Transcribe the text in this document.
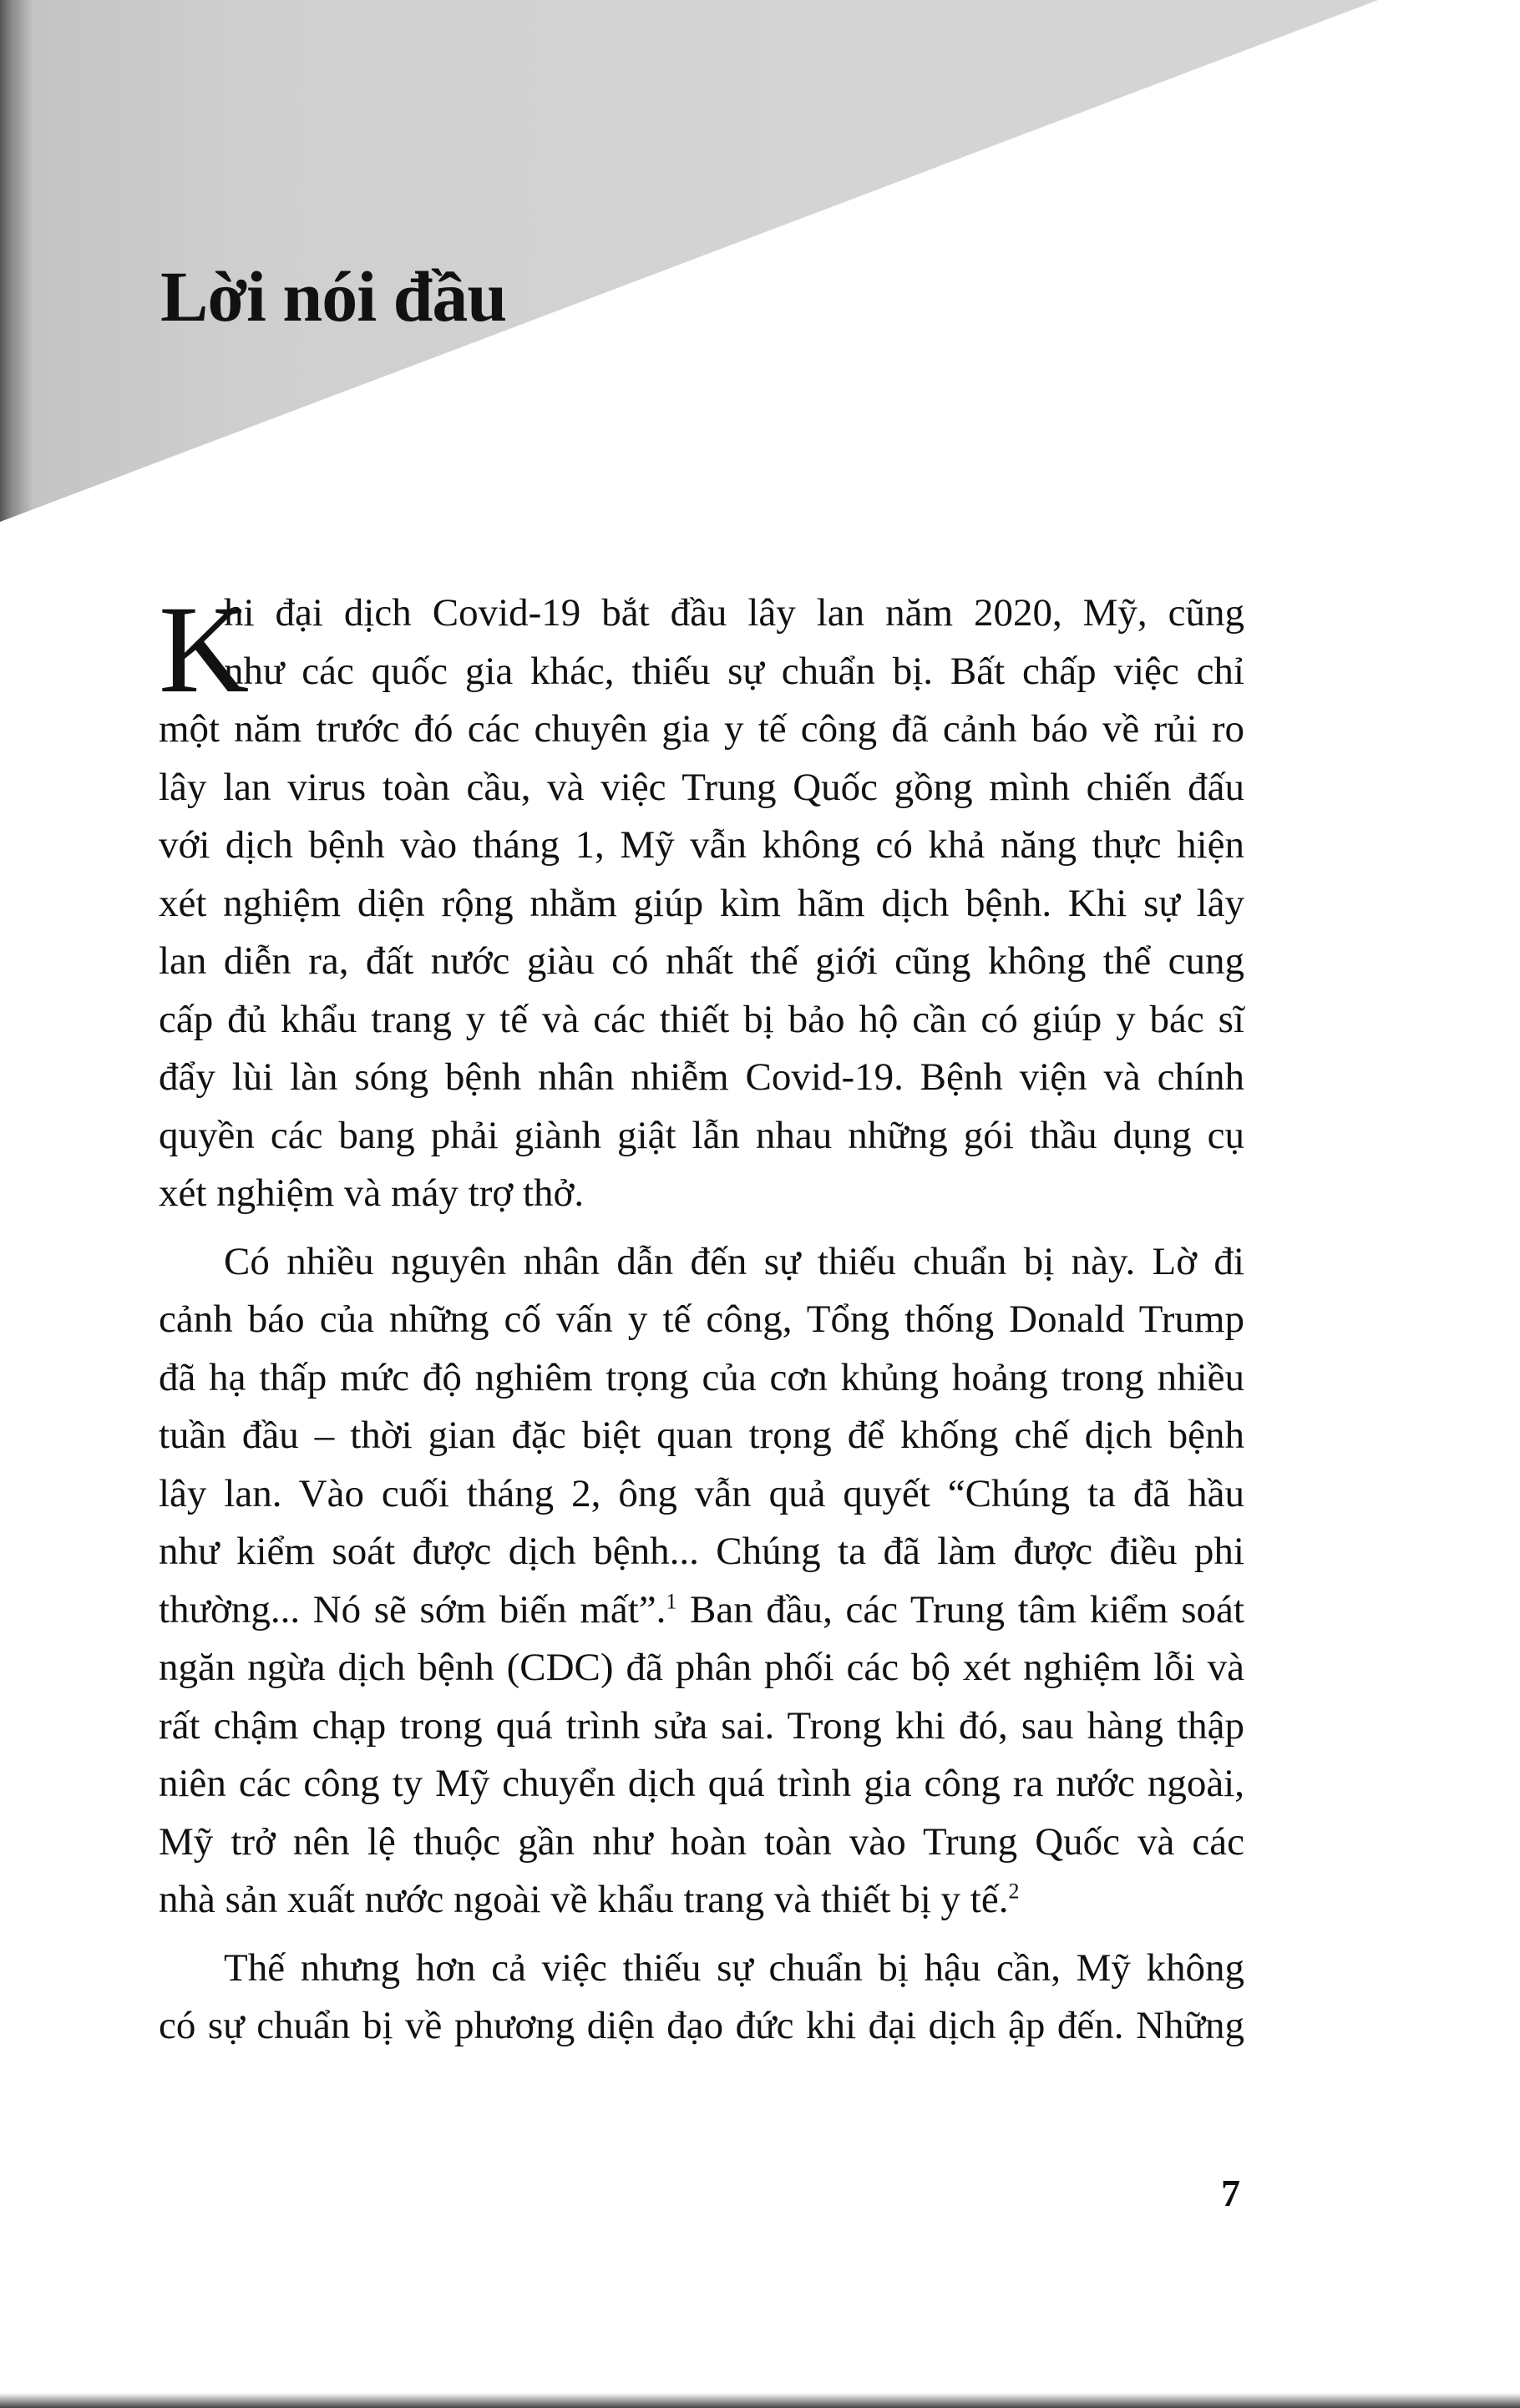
Lời nói đầu
K
hi đại dịch Covid-19 bắt đầu lây lan năm 2020, Mỹ, cũng
như các quốc gia khác, thiếu sự chuẩn bị. Bất chấp việc chỉ
một năm trước đó các chuyên gia y tế công đã cảnh báo về rủi ro
lây lan virus toàn cầu, và việc Trung Quốc gồng mình chiến đấu
với dịch bệnh vào tháng 1, Mỹ vẫn không có khả năng thực hiện
xét nghiệm diện rộng nhằm giúp kìm hãm dịch bệnh. Khi sự lây
lan diễn ra, đất nước giàu có nhất thế giới cũng không thể cung
cấp đủ khẩu trang y tế và các thiết bị bảo hộ cần có giúp y bác sĩ
đẩy lùi làn sóng bệnh nhân nhiễm Covid-19. Bệnh viện và chính
quyền các bang phải giành giật lẫn nhau những gói thầu dụng cụ
xét nghiệm và máy trợ thở.
Có nhiều nguyên nhân dẫn đến sự thiếu chuẩn bị này. Lờ đi
cảnh báo của những cố vấn y tế công, Tổng thống Donald Trump
đã hạ thấp mức độ nghiêm trọng của cơn khủng hoảng trong nhiều
tuần đầu – thời gian đặc biệt quan trọng để khống chế dịch bệnh
lây lan. Vào cuối tháng 2, ông vẫn quả quyết “Chúng ta đã hầu
như kiểm soát được dịch bệnh... Chúng ta đã làm được điều phi
thường... Nó sẽ sớm biến mất”.$^1$ Ban đầu, các Trung tâm kiểm soát
ngăn ngừa dịch bệnh (CDC) đã phân phối các bộ xét nghiệm lỗi và
rất chậm chạp trong quá trình sửa sai. Trong khi đó, sau hàng thập
niên các công ty Mỹ chuyển dịch quá trình gia công ra nước ngoài,
Mỹ trở nên lệ thuộc gần như hoàn toàn vào Trung Quốc và các
nhà sản xuất nước ngoài về khẩu trang và thiết bị y tế.$^2$
Thế nhưng hơn cả việc thiếu sự chuẩn bị hậu cần, Mỹ không
có sự chuẩn bị về phương diện đạo đức khi đại dịch ập đến. Những
7
